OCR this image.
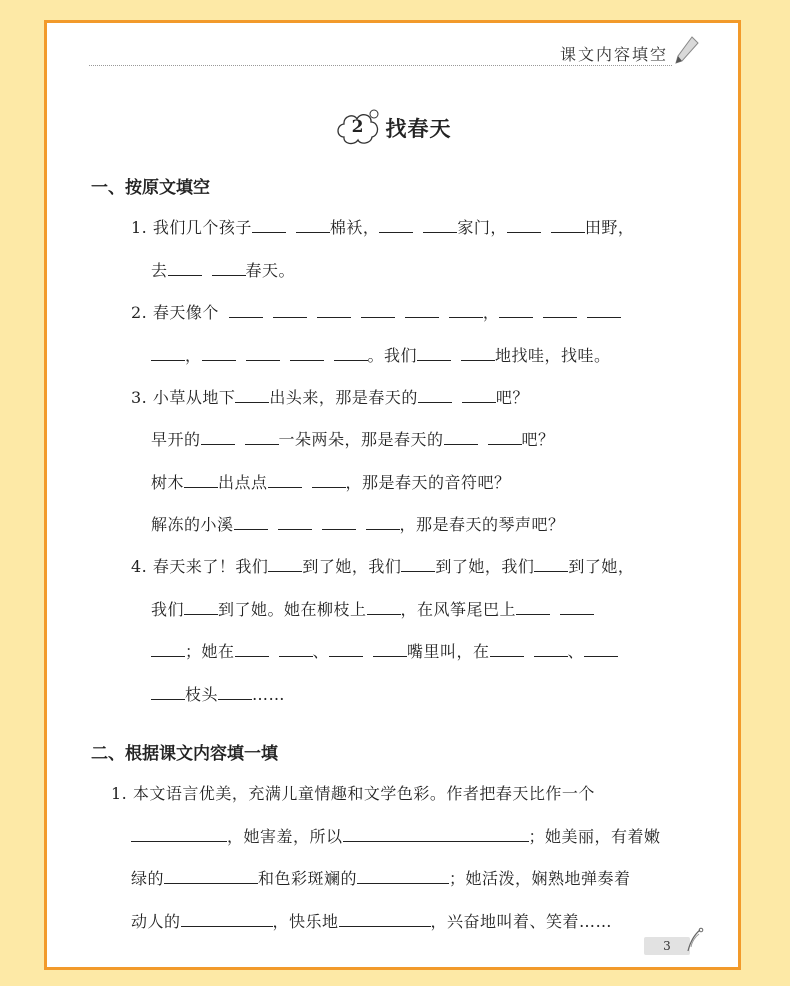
课文内容填空
2	找春天
一、按原文填空
1. 我们几个孩子	棉袄，	家门，	田野，
去	春天。
2. 春天像个	，
，	。我们	地找哇，找哇。
3. 小草从地下 出头来，那是春天的	吧？
早开的	一朵两朵，那是春天的	吧？
树木 出点点	，那是春天的音符吧？
解冻的小溪	，那是春天的琴声吧？
4. 春天来了！我们 到了她，我们 到了她，我们 到了她，
我们 到了她。她在柳枝上 ，在风筝尾巴上
；她在	、	嘴里叫，在	、
枝头 ……
二、根据课文内容填一填
1. 本文语言优美，充满儿童情趣和文学色彩。作者把春天比作一个
，她害羞，所以	；她美丽，有着嫩
绿的	和色彩斑斓的	；她活泼，娴熟地弹奏着
动人的	，快乐地	，兴奋地叫着、笑着……
3
